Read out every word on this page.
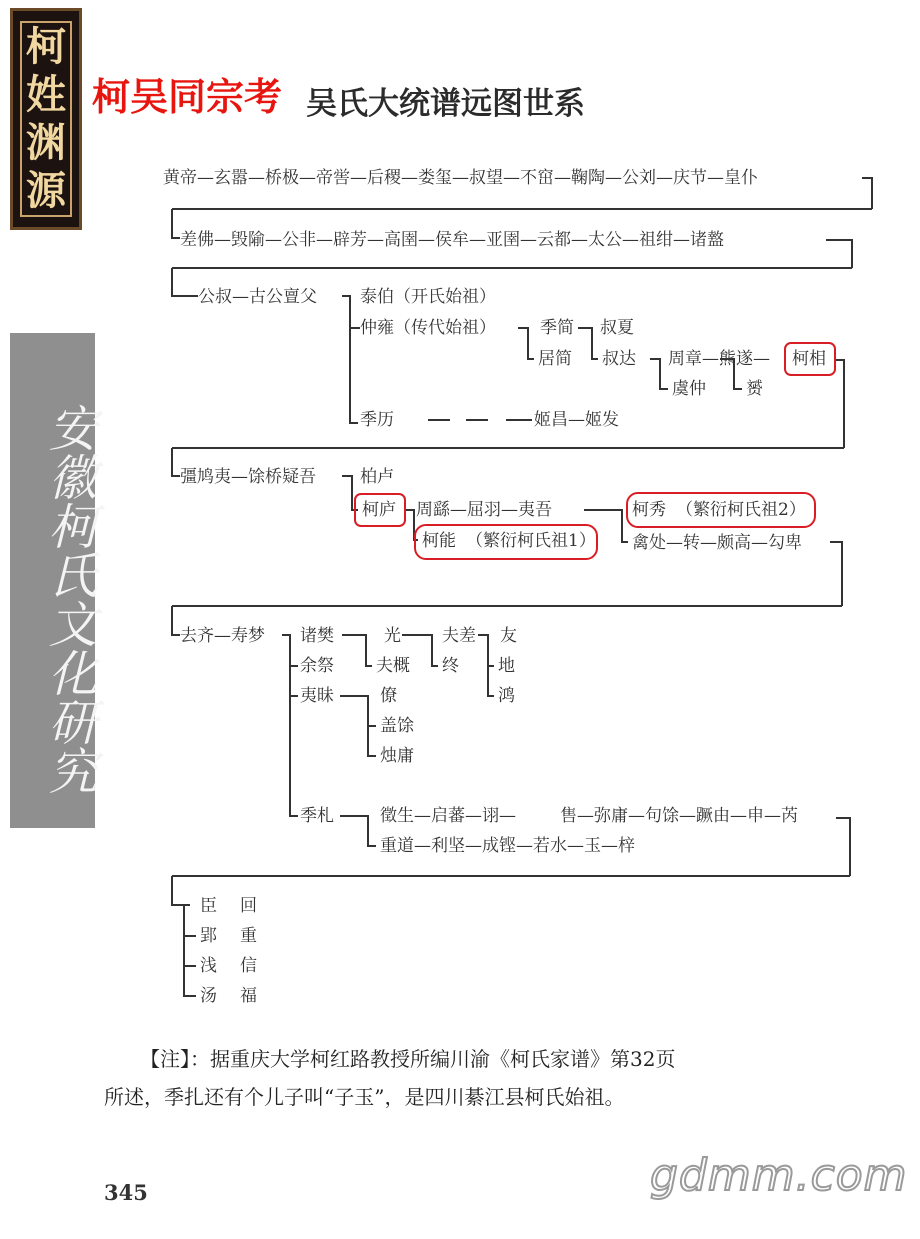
柯
姓
渊
源
安徽柯氏文化研究
柯吴同宗考 吴氏大统谱远图世系
黄帝—玄嚣—桥极—帝喾—后稷—娄玺—叔望—不窋—鞠陶—公刘—庆节—皇仆
差佛—毁隃—公非—辟芳—高圉—侯牟—亚圉—云都—太公—祖绀—诸盩
公叔—古公亶父	泰伯（开氏始祖）
仲雍（传代始祖）	季简 叔夏
居简 叔达 周章—熊遂— 柯相
虞仲 赟
季历	姬昌—姬发
彊鸠夷—馀桥疑吾	柏卢
柯庐 周繇—屈羽—夷吾	柯秀 （繁衍柯氏祖2）
柯能 （繁衍柯氏祖1） 禽处—转—颇高—勾卑
去齐—寿梦 诸樊	光 夫差 友
余祭 夫概 终 地
夷昧	僚	鸿
盖馀
烛庸
季札	徵生—启蕃—诩—	售—弥庸—句馀—蹶由—申—芮
重道—利坚—成铿—若水—玉—梓
臣 回
郢 重
浅 信
汤 福
【注】：据重庆大学柯红路教授所编川渝《柯氏家谱》第32页
所述，季扎还有个儿子叫“子玉”，是四川綦江县柯氏始祖。
345	gdmm.com
